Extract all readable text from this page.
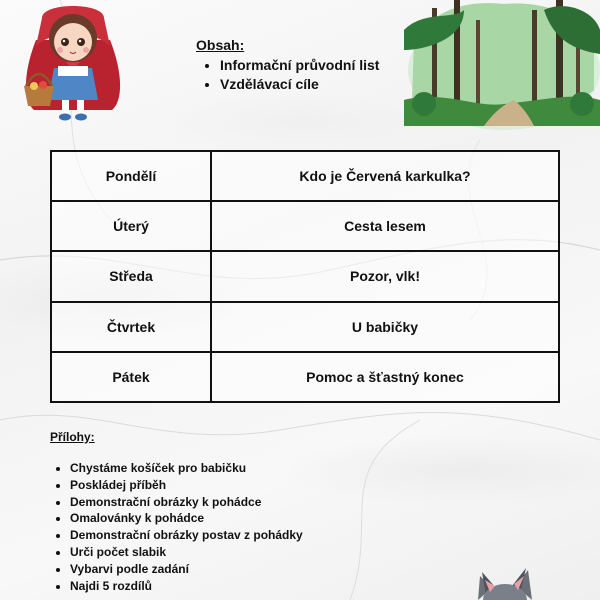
Obsah:
• Informační průvodní list
• Vzdělávací cíle
Pondělí	Kdo je Červená karkulka?
Úterý	Cesta lesem
Středa	Pozor, vlk!
Čtvrtek	U babičky
Pátek	Pomoc a šťastný konec
Přílohy:
• Chystáme košíček pro babičku
• Poskládej příběh
• Demonstrační obrázky k pohádce
• Omalovánky k pohádce
• Demonstrační obrázky postav z pohádky
• Urči počet slabik
• Vybarvi podle zadání
• Najdi 5 rozdílů
